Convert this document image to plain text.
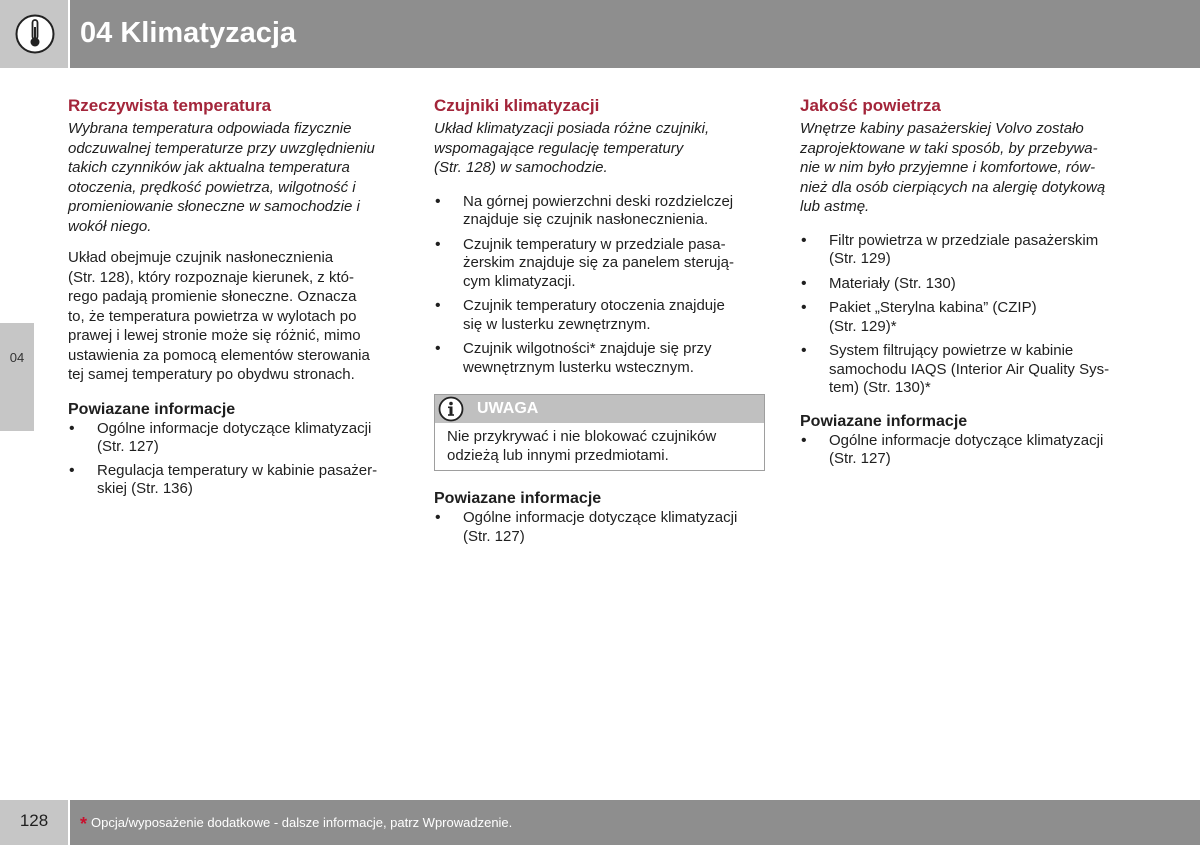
04 Klimatyzacja
04
Rzeczywista temperatura

Wybrana temperatura odpowiada fizycznie
odczuwalnej temperaturze przy uwzględnieniu
takich czynników jak aktualna temperatura
otoczenia, prędkość powietrza, wilgotność i
promieniowanie słoneczne w samochodzie i
wokół niego.

Układ obejmuje czujnik nasłonecznienia
(Str. 128), który rozpoznaje kierunek, z któ-
rego padają promienie słoneczne. Oznacza
to, że temperatura powietrza w wylotach po
prawej i lewej stronie może się różnić, mimo
ustawienia za pomocą elementów sterowania
tej samej temperatury po obydwu stronach.

Powiazane informacje
• Ogólne informacje dotyczące klimatyzacji
(Str. 127)
• Regulacja temperatury w kabinie pasażer-
skiej (Str. 136)
Czujniki klimatyzacji

Układ klimatyzacji posiada różne czujniki,
wspomagające regulację temperatury
(Str. 128) w samochodzie.

• Na górnej powierzchni deski rozdzielczej
znajduje się czujnik nasłonecznienia.
• Czujnik temperatury w przedziale pasa-
żerskim znajduje się za panelem sterują-
cym klimatyzacji.
• Czujnik temperatury otoczenia znajduje
się w lusterku zewnętrznym.
• Czujnik wilgotności* znajduje się przy
wewnętrznym lusterku wstecznym.
UWAGA
Nie przykrywać i nie blokować czujników
odzieżą lub innymi przedmiotami.
Powiazane informacje
• Ogólne informacje dotyczące klimatyzacji
(Str. 127)
Jakość powietrza

Wnętrze kabiny pasażerskiej Volvo zostało
zaprojektowane w taki sposób, by przebywa-
nie w nim było przyjemne i komfortowe, rów-
nież dla osób cierpiących na alergię dotykową
lub astmę.

• Filtr powietrza w przedziale pasażerskim
(Str. 129)
• Materiały (Str. 130)
• Pakiet „Sterylna kabina” (CZIP)
(Str. 129)*
• System filtrujący powietrze w kabinie
samochodu IAQS (Interior Air Quality Sys-
tem) (Str. 130)*
Powiazane informacje
• Ogólne informacje dotyczące klimatyzacji
(Str. 127)
128	* Opcja/wyposażenie dodatkowe - dalsze informacje, patrz Wprowadzenie.
